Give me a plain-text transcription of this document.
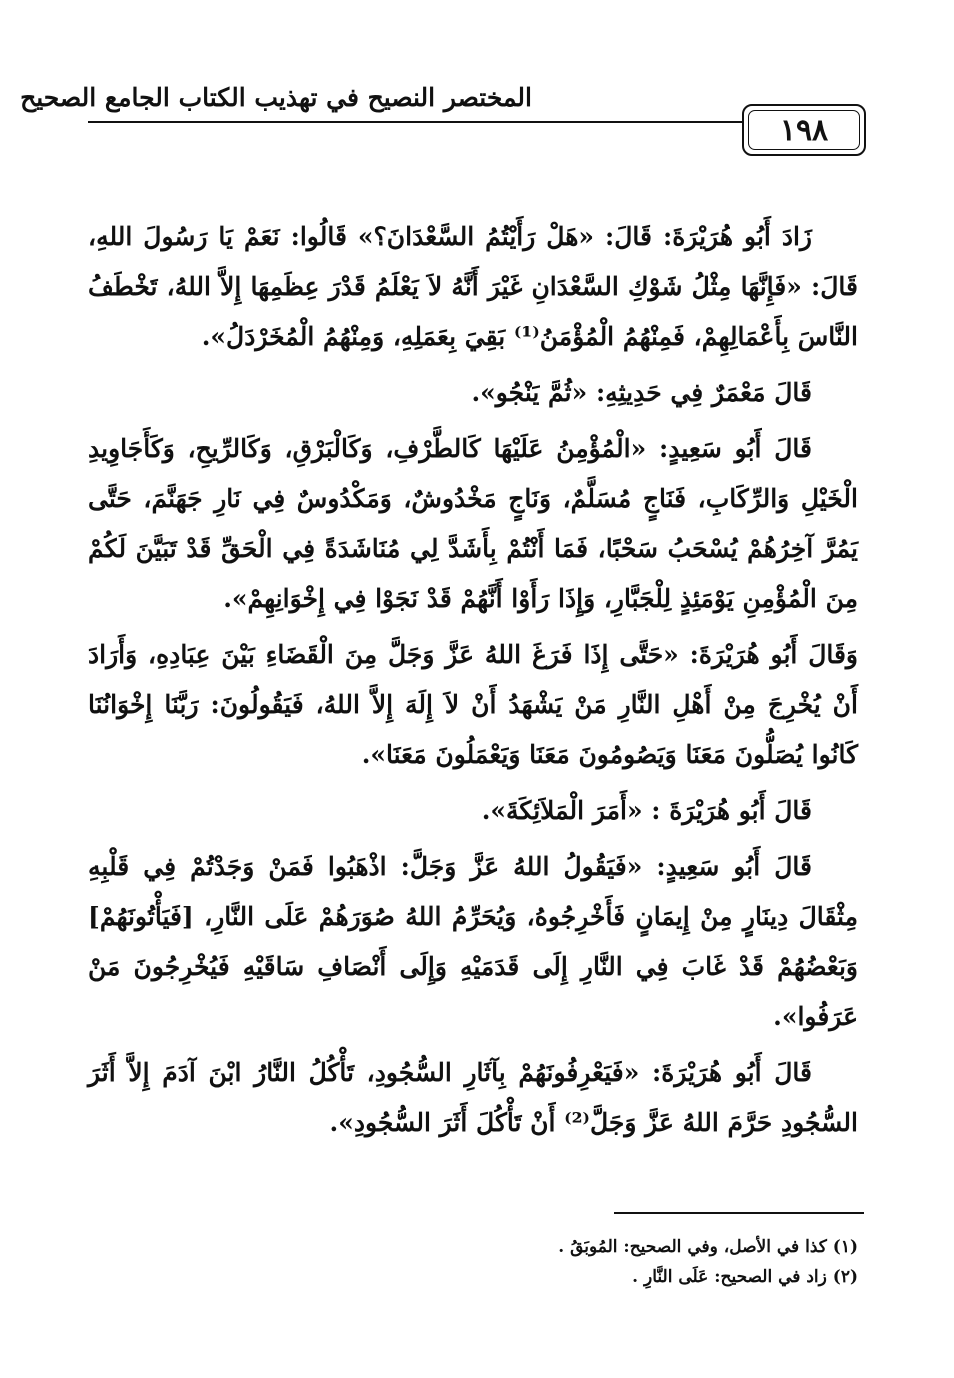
المختصر النصيح في تهذيب الكتاب الجامع الصحيح
١٩٨

زَادَ أَبُو هُرَيْرَةَ: قَالَ: «هَلْ رَأَيْتُمُ السَّعْدَانَ؟» قَالُوا: نَعَمْ يَا رَسُولَ اللهِ، قَالَ: «فَإِنَّهَا مِثْلُ شَوْكِ السَّعْدَانِ غَيْرَ أَنَّهُ لاَ يَعْلَمُ قَدْرَ عِظَمِهَا إِلاَّ اللهُ، تَخْطَفُ النَّاسَ بِأَعْمَالِهِمْ، فَمِنْهُمُ الْمُؤْمَنُ⁽¹⁾ بَقِيَ بِعَمَلِهِ، وَمِنْهُمُ الْمُخَرْدَلُ».

قَالَ مَعْمَرٌ فِي حَدِيثِهِ: «ثُمَّ يَنْجُو».

قَالَ أَبُو سَعِيدٍ: «الْمُؤْمِنُ عَلَيْهَا كَالطَّرْفِ، وَكَالْبَرْقِ، وَكَالرِّيحِ، وَكَأَجَاوِيدِ الْخَيْلِ وَالرِّكَابِ، فَنَاجٍ مُسَلَّمٌ، وَنَاجٍ مَخْدُوشٌ، وَمَكْدُوسٌ فِي نَارِ جَهَنَّمَ، حَتَّى يَمُرَّ آخِرُهُمْ يُسْحَبُ سَحْبًا، فَمَا أَنْتُمْ بِأَشَدَّ لِي مُنَاشَدَةً فِي الْحَقِّ قَدْ تَبَيَّنَ لَكُمْ مِنَ الْمُؤْمِنِ يَوْمَئِذٍ لِلْجَبَّارِ، وَإِذَا رَأَوْا أَنَّهُمْ قَدْ نَجَوْا فِي إِخْوَانِهِمْ».

وَقَالَ أَبُو هُرَيْرَةَ: «حَتَّى إِذَا فَرَغَ اللهُ عَزَّ وَجَلَّ مِنَ الْقَضَاءِ بَيْنَ عِبَادِهِ، وَأَرَادَ أَنْ يُخْرِجَ مِنْ أَهْلِ النَّارِ مَنْ يَشْهَدُ أَنْ لاَ إِلَهَ إِلاَّ اللهُ، فَيَقُولُونَ: رَبَّنَا إِخْوَانُنَا كَانُوا يُصَلُّونَ مَعَنَا وَيَصُومُونَ مَعَنَا وَيَعْمَلُونَ مَعَنَا».

قَالَ أَبُو هُرَيْرَةَ : «أَمَرَ الْمَلاَئِكَةَ».

قَالَ أَبُو سَعِيدٍ: «فَيَقُولُ اللهُ عَزَّ وَجَلَّ: اذْهَبُوا فَمَنْ وَجَدْتُمْ فِي قَلْبِهِ مِثْقَالَ دِينَارٍ مِنْ إِيمَانٍ فَأَخْرِجُوهُ، وَيُحَرِّمُ اللهُ صُوَرَهُمْ عَلَى النَّارِ، [فَيَأْتُونَهُمْ] وَبَعْضُهُمْ قَدْ غَابَ فِي النَّارِ إِلَى قَدَمَيْهِ وَإِلَى أَنْصَافِ سَاقَيْهِ فَيُخْرِجُونَ مَنْ عَرَفُوا».

قَالَ أَبُو هُرَيْرَةَ: «فَيَعْرِفُونَهُمْ بِآثَارِ السُّجُودِ، تَأْكُلُ النَّارُ ابْنَ آدَمَ إِلاَّ أَثَرَ السُّجُودِ حَرَّمَ اللهُ عَزَّ وَجَلَّ⁽²⁾ أَنْ تَأْكُلَ أَثَرَ السُّجُودِ».

(١) كذا في الأصل، وفي الصحيح: المُوبَقُ .
(٢) زاد في الصحيح: عَلَى النَّارِ .
